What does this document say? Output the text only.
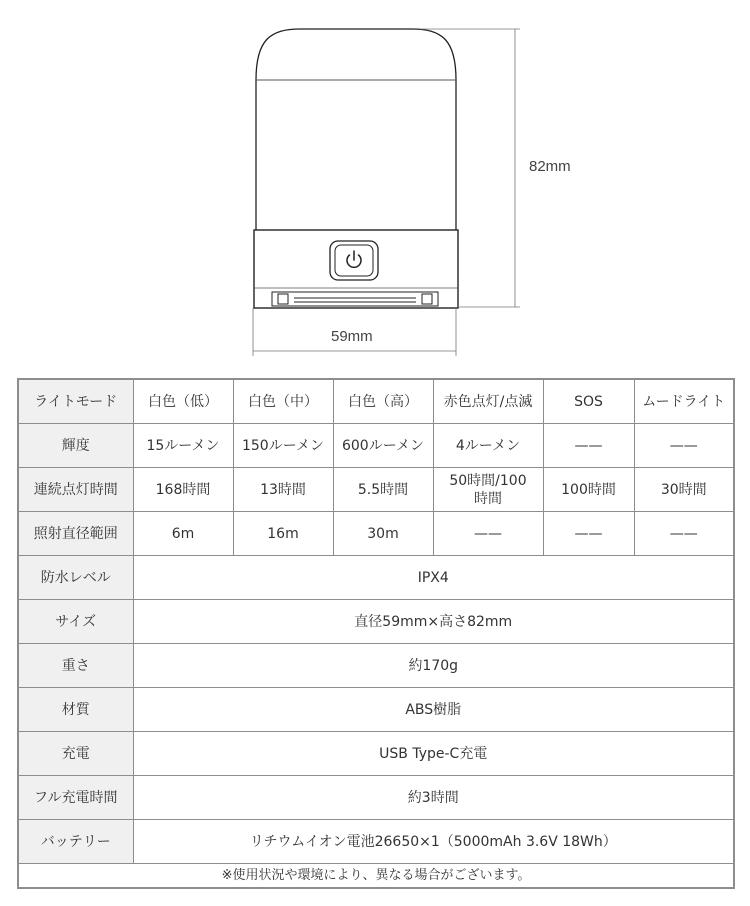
82mm
59mm
ライトモード	白色（低）	白色（中）	白色（高）	赤色点灯/点滅	SOS	ムードライト
輝度	15ルーメン	150ルーメン	600ルーメン	4ルーメン	——	——
連続点灯時間	168時間	13時間	5.5時間	50時間/100時間	100時間	30時間
照射直径範囲	6m	16m	30m	——	——	——
防水レベル	IPX4					
サイズ	直径59mm×高さ82mm					
重さ	約170g					
材質	ABS樹脂					
充電	USB Type-C充電					
フル充電時間	約3時間					
バッテリー	リチウムイオン電池26650×1（5000mAh 3.6V 18Wh）					
※使用状況や環境により、異なる場合がございます。						
